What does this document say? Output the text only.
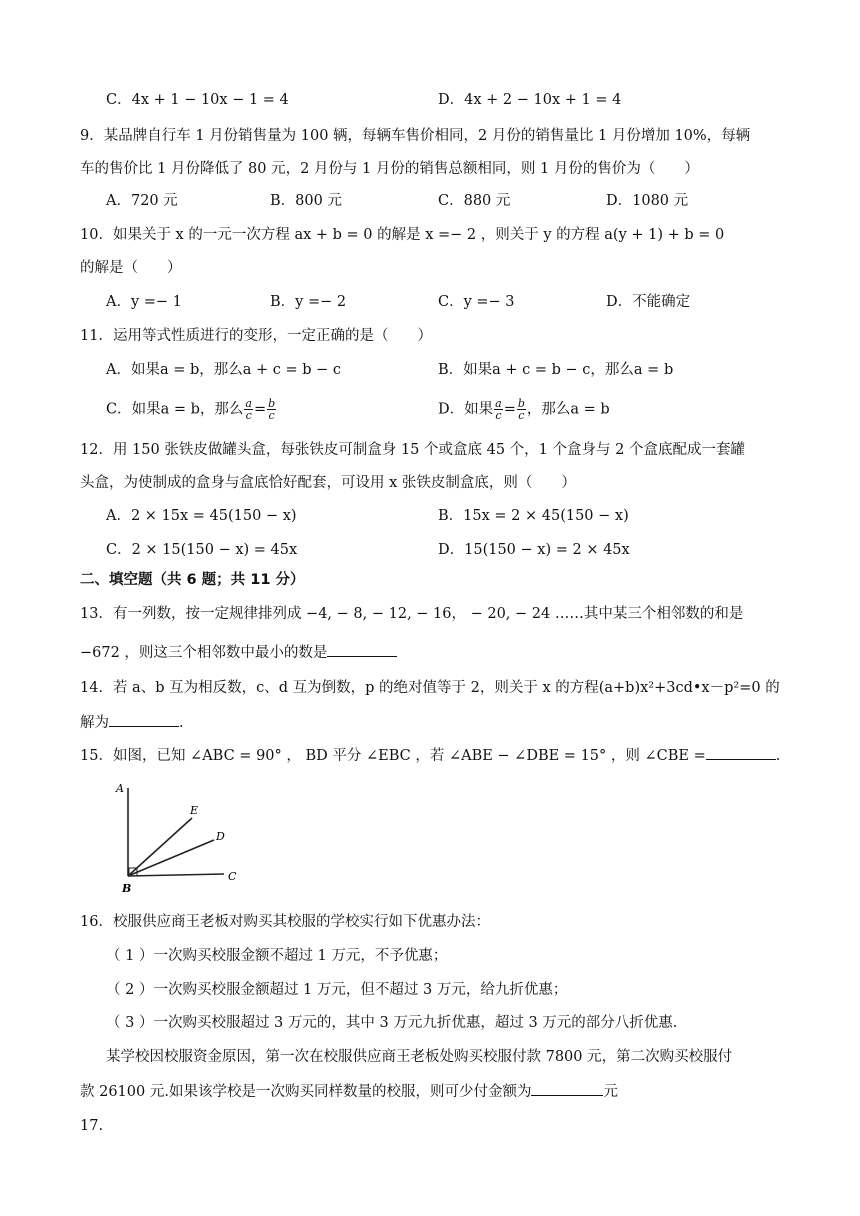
C．4x + 1 − 10x − 1 = 4	D．4x + 2 − 10x + 1 = 4
9．某品牌自行车 1 月份销售量为 100 辆，每辆车售价相同，2 月份的销售量比 1 月份增加 10%，每辆
车的售价比 1 月份降低了 80 元，2 月份与 1 月份的销售总额相同，则 1 月份的售价为（　　）
A．720 元	B．800 元	C．880 元	D．1080 元
10．如果关于 x 的一元一次方程 ax + b = 0 的解是 x =− 2 ，则关于 y 的方程 a(y + 1) + b = 0
的解是（　　）
A．y =− 1	B．y =− 2	C．y =− 3	D．不能确定
11．运用等式性质进行的变形，一定正确的是（　　）
A．如果a = b，那么a + c = b − c	B．如果a + c = b − c，那么a = b
C．如果a = b，那么 $\frac{a}{c} = \frac{b}{c}$	D．如果 $\frac{a}{c} = \frac{b}{c}$ ，那么a = b
12．用 150 张铁皮做罐头盒，每张铁皮可制盒身 15 个或盒底 45 个，1 个盒身与 2 个盒底配成一套罐
头盒，为使制成的盒身与盒底恰好配套，可设用 x 张铁皮制盒底，则（　　）
A．2 × 15x = 45(150 − x)	B．15x = 2 × 45(150 − x)
C．2 × 15(150 − x) = 45x	D．15(150 − x) = 2 × 45x
二、填空题（共 6 题；共 11 分）
13．有一列数，按一定规律排列成 −4, − 8, − 12, − 16， − 20, − 24 ……其中某三个相邻数的和是
−672 ，则这三个相邻数中最小的数是
14．若 a、b 互为相反数，c、d 互为倒数，p 的绝对值等于 2，则关于 x 的方程(a+b)x²+3cd•x－p²=0 的
解为	.
15．如图，已知 ∠ABC = 90° ， BD 平分 ∠EBC ，若 ∠ABE − ∠DBE = 15° ，则 ∠CBE =	.
A
E
D
B
C
16．校服供应商王老板对购买其校服的学校实行如下优惠办法：
（ 1 ）一次购买校服金额不超过 1 万元，不予优惠；
（ 2 ）一次购买校服金额超过 1 万元，但不超过 3 万元，给九折优惠；
（ 3 ）一次购买校服超过 3 万元的，其中 3 万元九折优惠，超过 3 万元的部分八折优惠.
某学校因校服资金原因，第一次在校服供应商王老板处购买校服付款 7800 元，第二次购买校服付
款 26100 元.如果该学校是一次购买同样数量的校服，则可少付金额为	元
17.
